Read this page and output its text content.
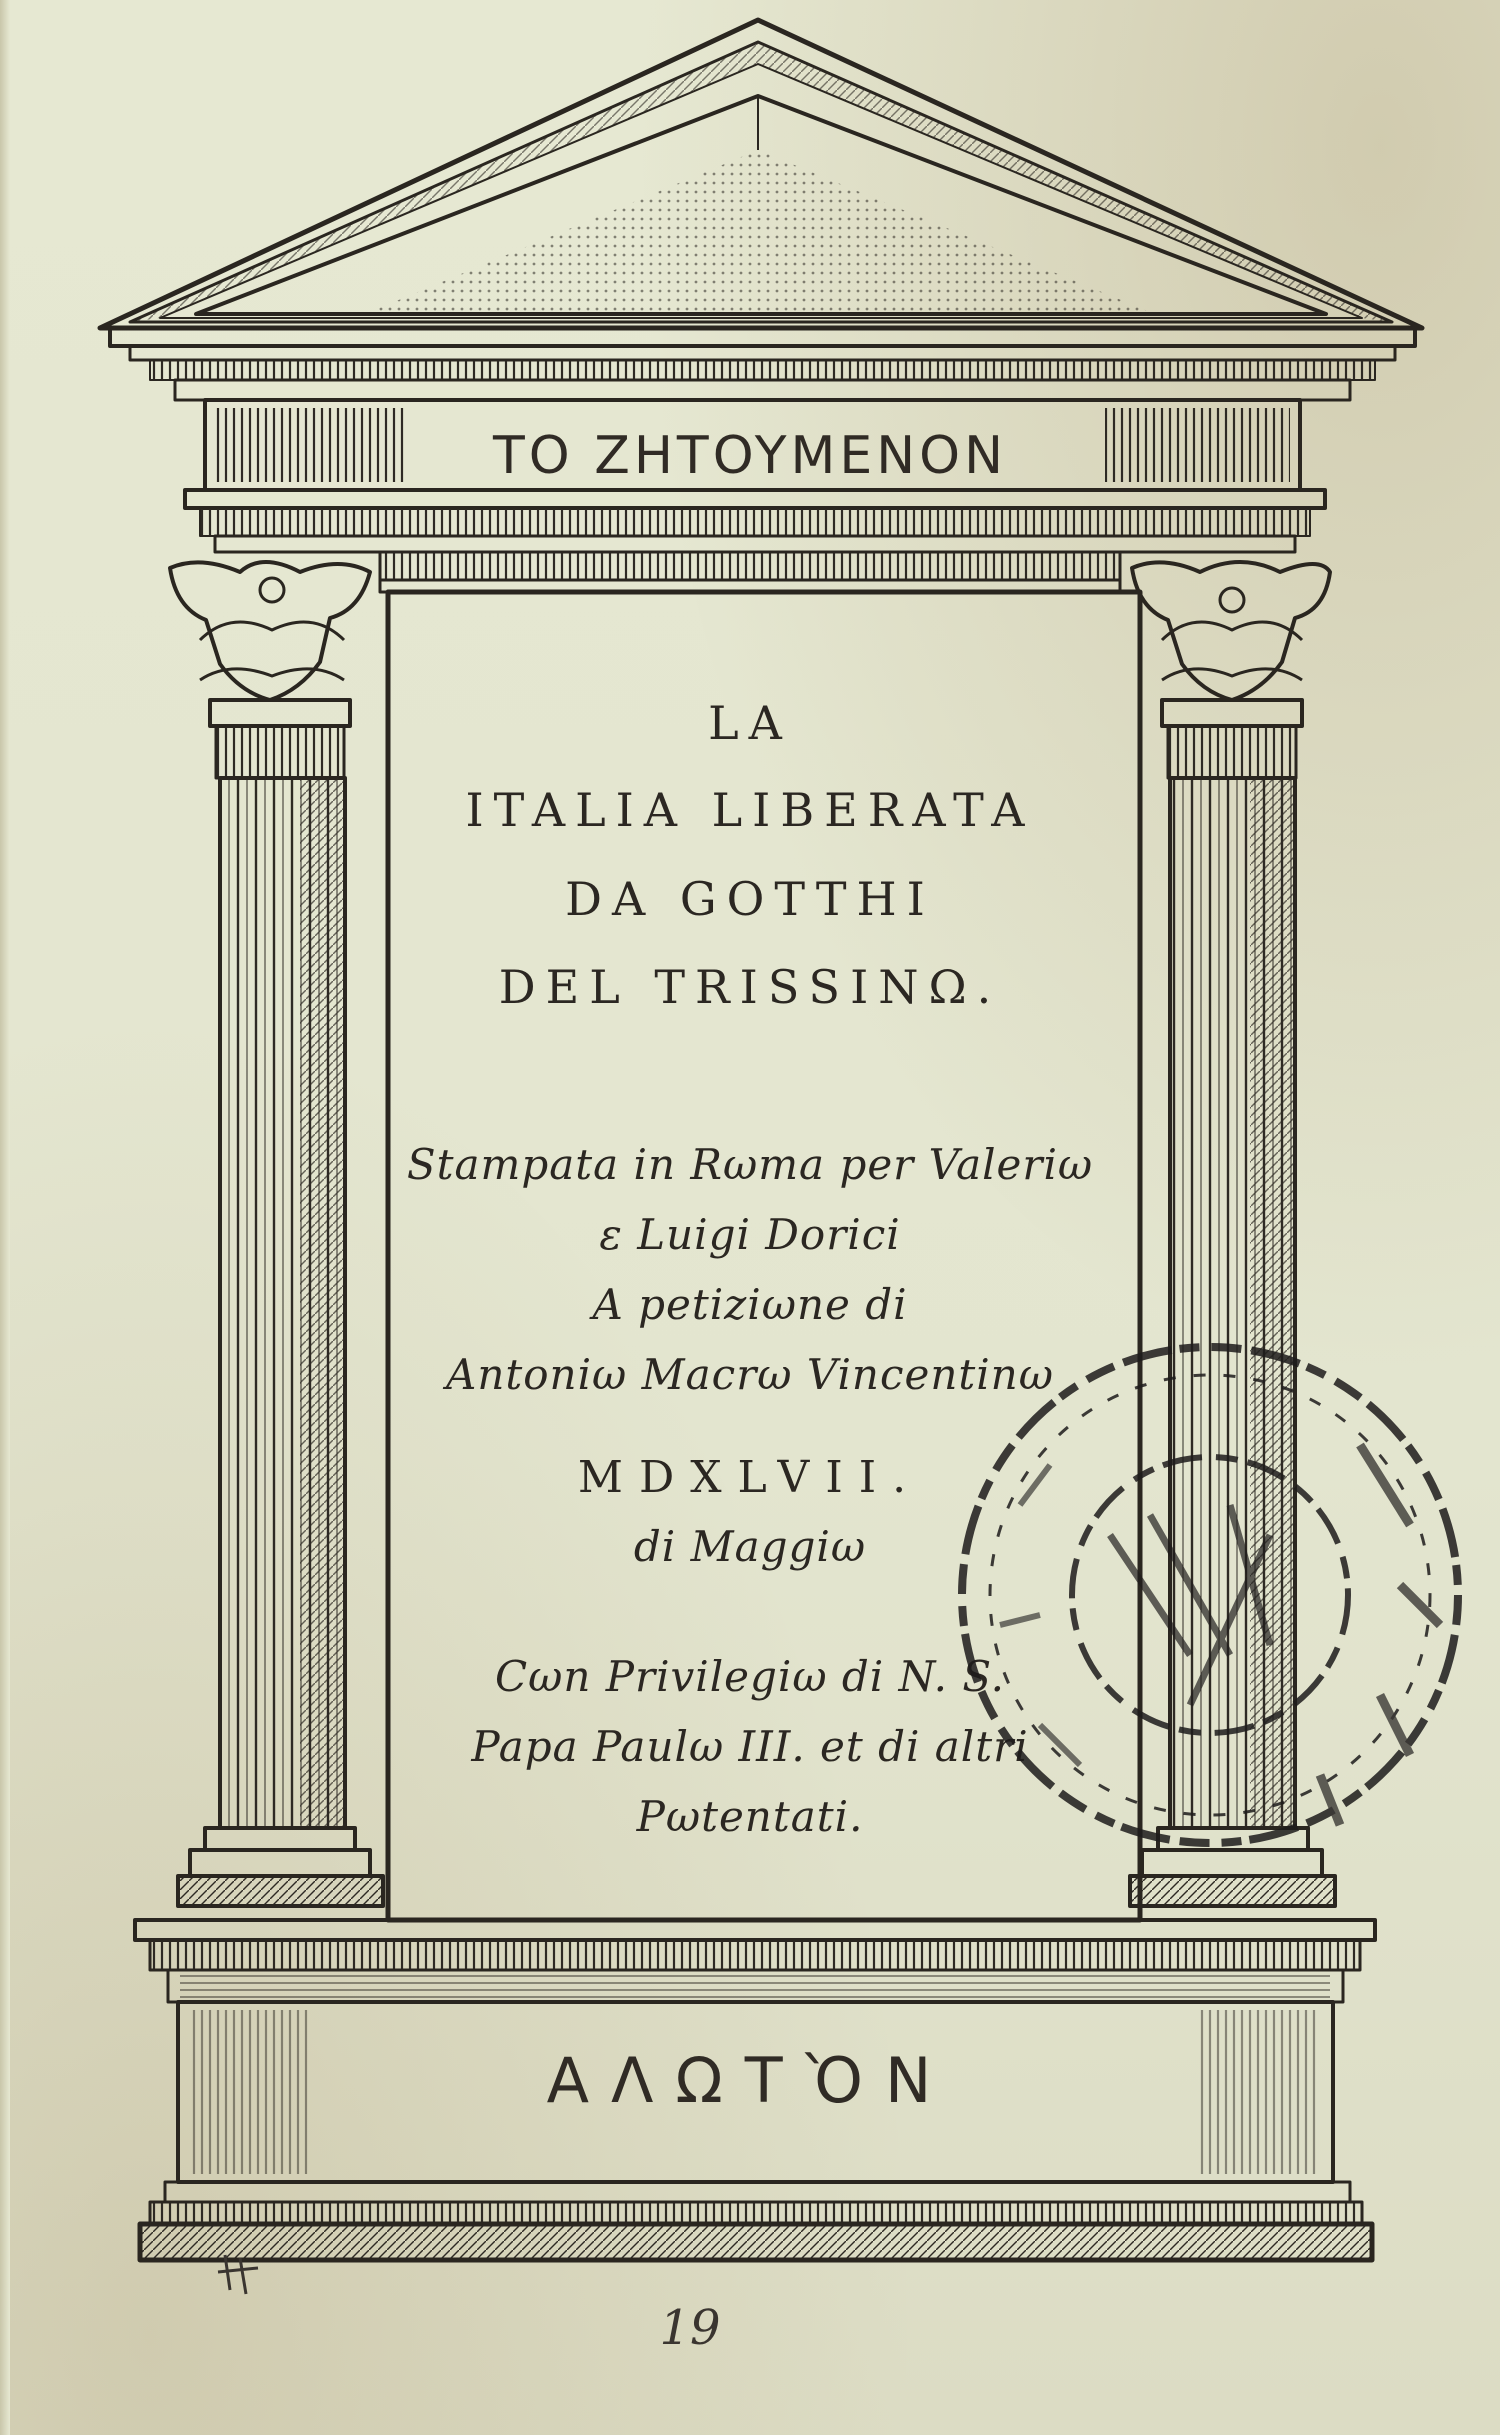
TO ZHTOYMENON
LA
ITALIA LIBERATA
DA GOTTHI
DEL TRISSINΩ.
Stampata in Rωma per Valeriω
ε Luigi Dorici
A petiziωne di
Antoniω Macrω Vincentinω
MDXLVII.
di Maggiω
Cωn Privilegiω di N. S.
Papa Paulω III. et di altri
Pωtentati.
ΑΛΩΤῸΝ
19
